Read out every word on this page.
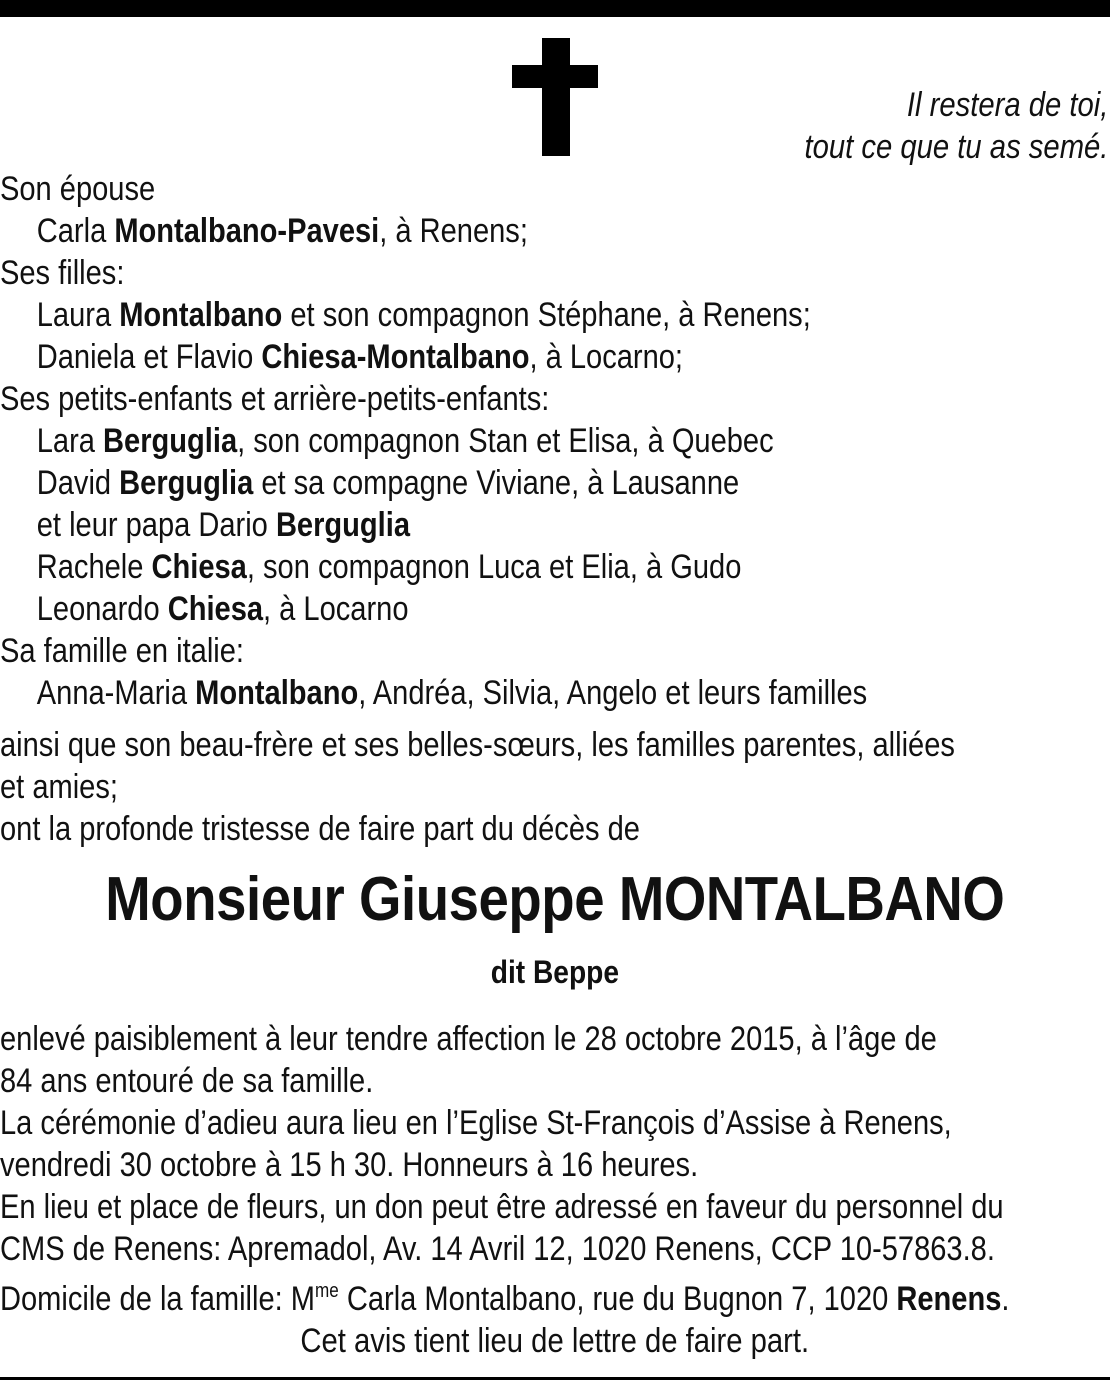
Il restera de toi,
tout ce que tu as semé.
Son épouse
Carla Montalbano-Pavesi, à Renens;
Ses filles:
Laura Montalbano et son compagnon Stéphane, à Renens;
Daniela et Flavio Chiesa-Montalbano, à Locarno;
Ses petits-enfants et arrière-petits-enfants:
Lara Berguglia, son compagnon Stan et Elisa, à Quebec
David Berguglia et sa compagne Viviane, à Lausanne
et leur papa Dario Berguglia
Rachele Chiesa, son compagnon Luca et Elia, à Gudo
Leonardo Chiesa, à Locarno
Sa famille en italie:
Anna-Maria Montalbano, Andréa, Silvia, Angelo et leurs familles
ainsi que son beau-frère et ses belles-sœurs, les familles parentes, alliées
et amies;
ont la profonde tristesse de faire part du décès de
Monsieur Giuseppe MONTALBANO
dit Beppe
enlevé paisiblement à leur tendre affection le 28 octobre 2015, à l’âge de
84 ans entouré de sa famille.
La cérémonie d’adieu aura lieu en l’Eglise St-François d’Assise à Renens,
vendredi 30 octobre à 15 h 30. Honneurs à 16 heures.
En lieu et place de fleurs, un don peut être adressé en faveur du personnel du
CMS de Renens: Apremadol, Av. 14 Avril 12, 1020 Renens, CCP 10-57863.8.
Domicile de la famille: $M^{me}$ Carla Montalbano, rue du Bugnon 7, 1020 Renens.
Cet avis tient lieu de lettre de faire part.
